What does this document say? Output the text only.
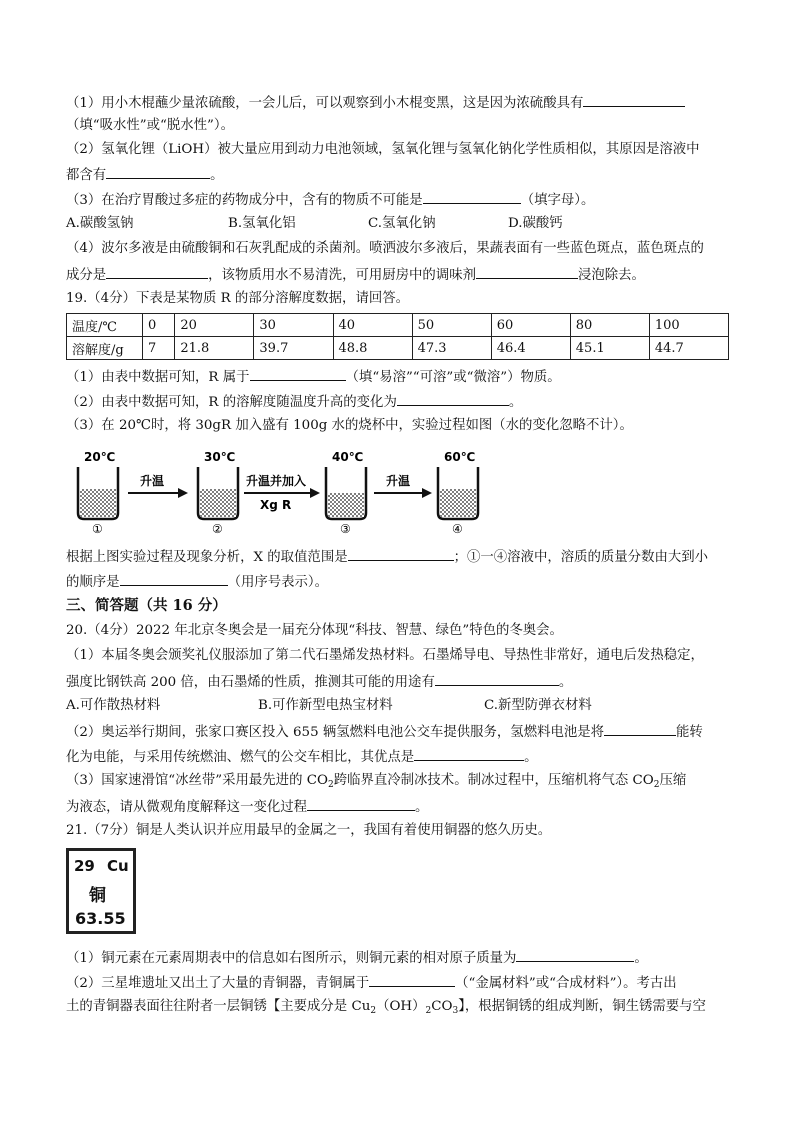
（1）用小木棍蘸少量浓硫酸，一会儿后，可以观察到小木棍变黑，这是因为浓硫酸具有
（填“吸水性”或“脱水性”）。
（2）氢氧化锂（LiOH）被大量应用到动力电池领域，氢氧化锂与氢氧化钠化学性质相似，其原因是溶液中
都含有	。
（3）在治疗胃酸过多症的药物成分中，含有的物质不可能是	（填字母）。
A.碳酸氢钠	B.氢氧化铝	C.氢氧化钠	D.碳酸钙
（4）波尔多液是由硫酸铜和石灰乳配成的杀菌剂。喷洒波尔多液后，果蔬表面有一些蓝色斑点，蓝色斑点的
成分是	，该物质用水不易清洗，可用厨房中的调味剂	浸泡除去。
19.（4分）下表是某物质 R 的部分溶解度数据，请回答。
温度/℃	0	20	30	40	50	60	80	100
溶解度/g	7	21.8	39.7	48.8	47.3	46.4	45.1	44.7
（1）由表中数据可知，R 属于	（填“易溶”“可溶”或“微溶”）物质。
（2）由表中数据可知，R 的溶解度随温度升高的变化为	。
（3）在 20℃时，将 30gR 加入盛有 100g 水的烧杯中，实验过程如图（水的变化忽略不计）。
20℃
①
升温
30℃
②
升温并加入
Xg R
40℃
③
升温
60℃
④
根据上图实验过程及现象分析，X 的取值范围是	；①一④溶液中，溶质的质量分数由大到小
的顺序是	（用序号表示）。
三、简答题（共 16 分）
20.（4分）2022 年北京冬奥会是一届充分体现“科技、智慧、绿色”特色的冬奥会。
（1）本届冬奥会颁奖礼仪服添加了第二代石墨烯发热材料。石墨烯导电、导热性非常好，通电后发热稳定，
强度比钢铁高 200 倍，由石墨烯的性质，推测其可能的用途有	。
A.可作散热材料	B.可作新型电热宝材料	C.新型防弹衣材料
（2）奥运举行期间，张家口赛区投入 655 辆氢燃料电池公交车提供服务，氢燃料电池是将	能转
化为电能，与采用传统燃油、燃气的公交车相比，其优点是	。
（3）国家速滑馆“冰丝带”采用最先进的 $CO_2$跨临界直冷制冰技术。制冰过程中，压缩机将气态 $CO_2$压缩
为液态，请从微观角度解释这一变化过程	。
21.（7分）铜是人类认识并应用最早的金属之一，我国有着使用铜器的悠久历史。
29 Cu
铜
63.55
（1）铜元素在元素周期表中的信息如右图所示，则铜元素的相对原子质量为	。
（2）三星堆遗址又出土了大量的青铜器，青铜属于	（“金属材料”或“合成材料”）。考古出
土的青铜器表面往往附者一层铜锈【主要成分是 $Cu_2(OH)_2CO_3$】，根据铜锈的组成判断，铜生锈需要与空
